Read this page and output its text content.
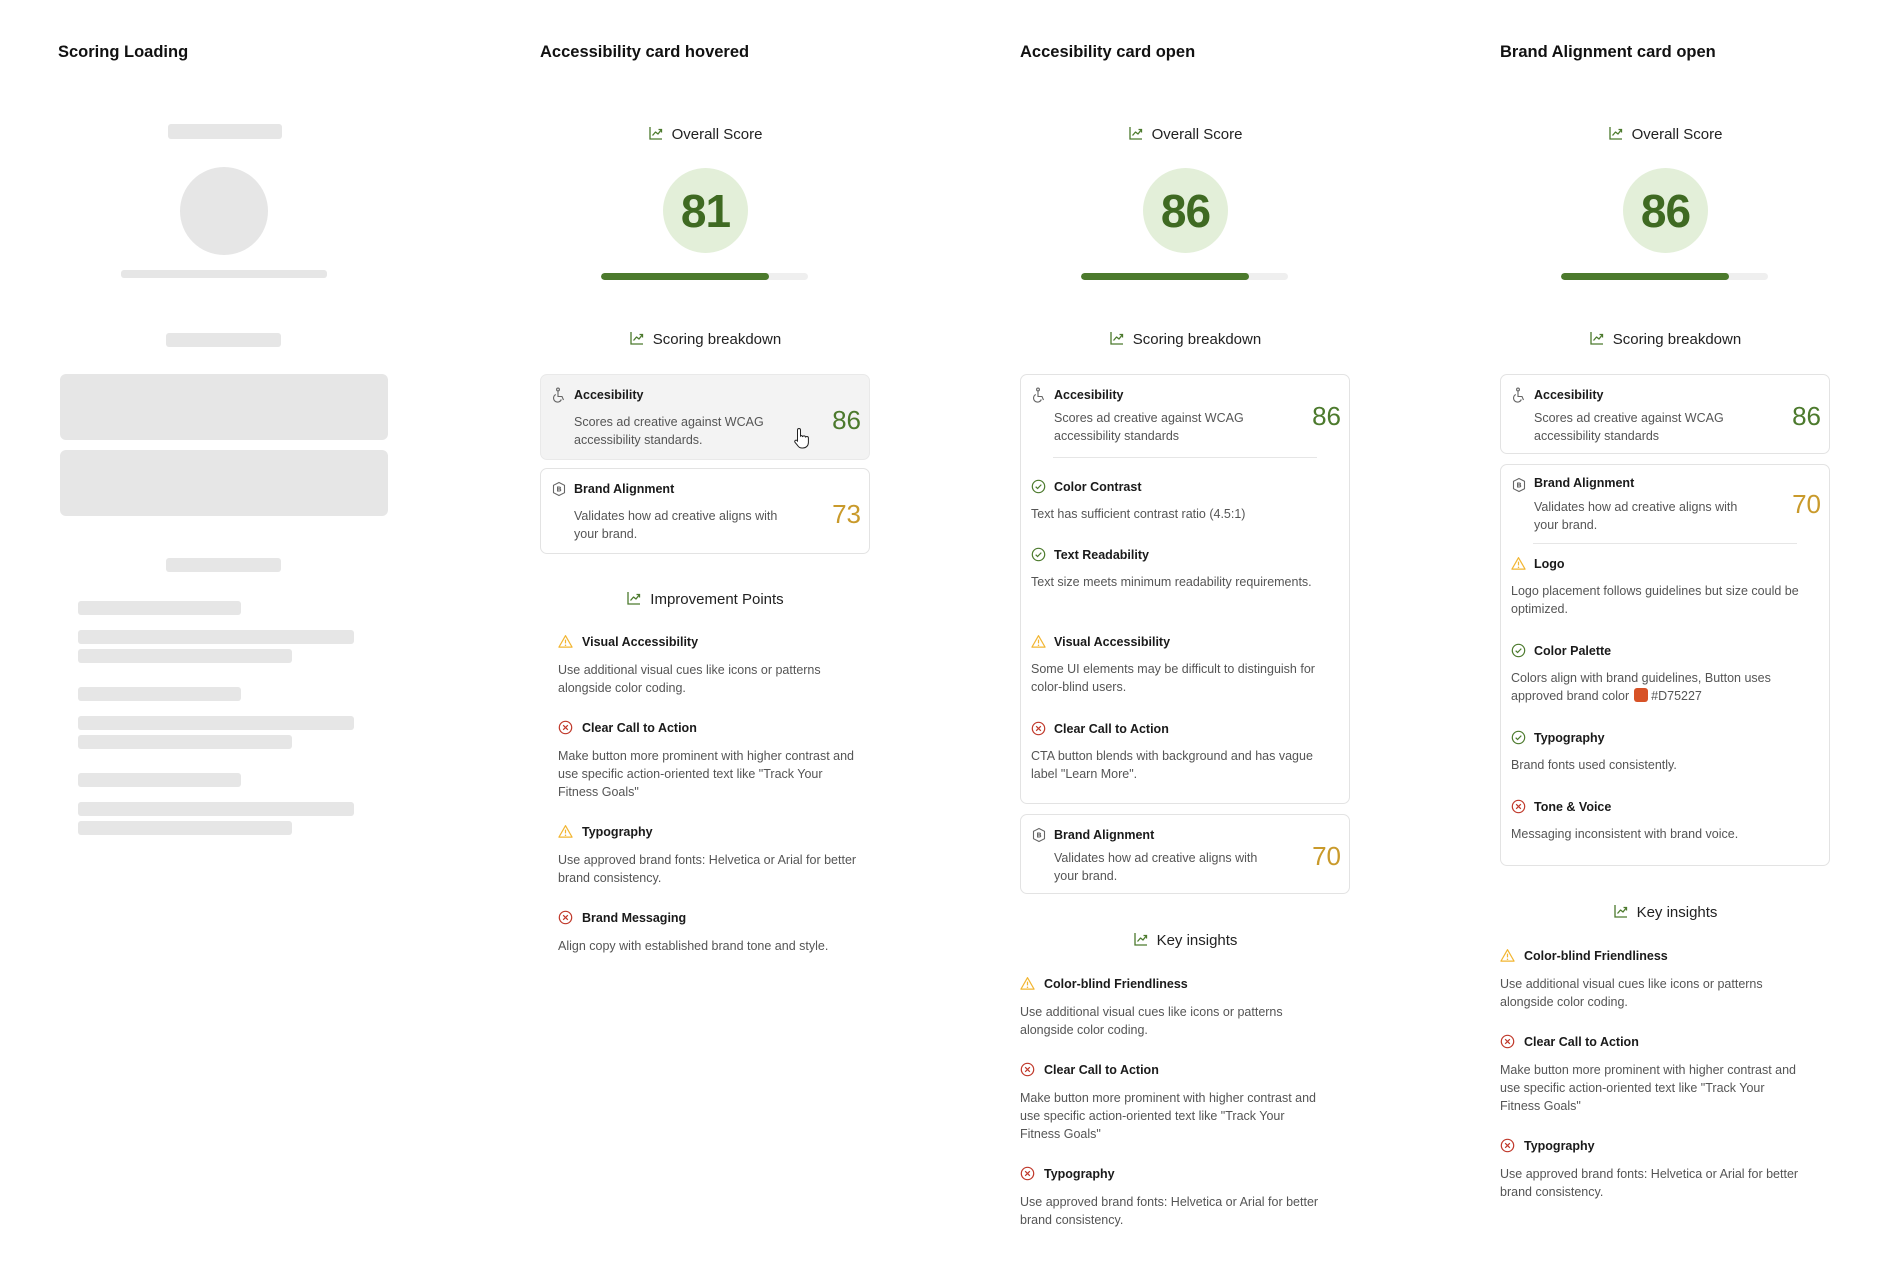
Scoring Loading	Accessibility card hovered
Overall Score
81
Scoring breakdown
Accesibility
Scores ad creative against WCAG accessibility standards.
86
Brand Alignment
Validates how ad creative aligns with your brand.
73
Improvement Points
Visual Accessibility
Use additional visual cues like icons or patterns alongside color coding.
Clear Call to Action
Make button more prominent with higher contrast and use specific action-oriented text like "Track Your Fitness Goals"
Typography
Use approved brand fonts: Helvetica or Arial for better brand consistency.
Brand Messaging
Align copy with established brand tone and style.
Accesibility card open
Overall Score
86
Scoring breakdown
Accesibility
Scores ad creative against WCAG accessibility standards
86
Color Contrast
Text has sufficient contrast ratio (4.5:1)
Text Readability
Text size meets minimum readability requirements.
Visual Accessibility
Some UI elements may be difficult to distinguish for color-blind users.
Clear Call to Action
CTA button blends with background and has vague label "Learn More".
Brand Alignment
Validates how ad creative aligns with your brand.
70
Key insights
Color-blind Friendliness
Use additional visual cues like icons or patterns alongside color coding.
Clear Call to Action
Make button more prominent with higher contrast and use specific action-oriented text like "Track Your Fitness Goals"
Typography
Use approved brand fonts: Helvetica or Arial for better brand consistency.
Brand Alignment card open
Overall Score
86
Scoring breakdown
Accesibility
Scores ad creative against WCAG accessibility standards
86
Brand Alignment
Validates how ad creative aligns with your brand.
70
Logo
Logo placement follows guidelines but size could be optimized.
Color Palette
Colors align with brand guidelines, Button uses approved brand color #D75227
Typography
Brand fonts used consistently.
Tone & Voice
Messaging inconsistent with brand voice.
Key insights
Color-blind Friendliness
Use additional visual cues like icons or patterns alongside color coding.
Clear Call to Action
Make button more prominent with higher contrast and use specific action-oriented text like "Track Your Fitness Goals"
Typography
Use approved brand fonts: Helvetica or Arial for better brand consistency.
